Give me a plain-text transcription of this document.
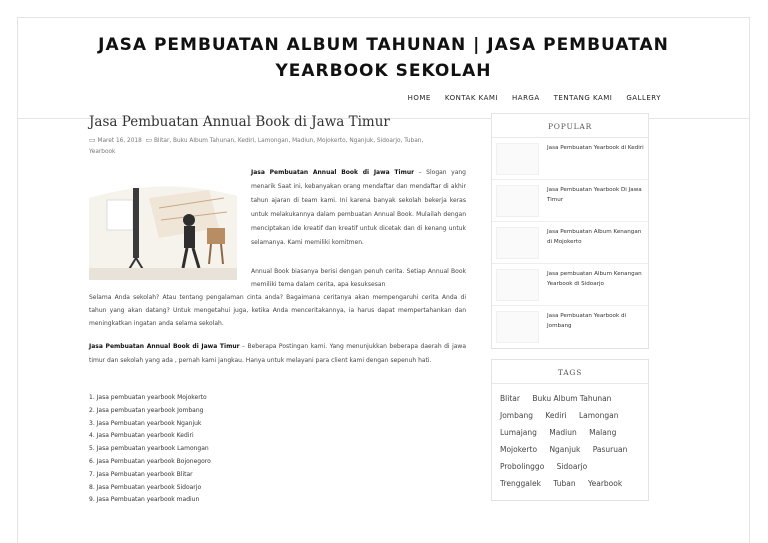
JASA PEMBUATAN ALBUM TAHUNAN | JASA PEMBUATAN
YEARBOOK SEKOLAH
HOME KONTAK KAMI HARGA TENTANG KAMI GALLERY
Jasa Pembuatan Annual Book di Jawa Timur
▭ Maret 16, 2018 ▭ Blitar, Buku Album Tahunan, Kediri, Lamongan, Madiun, Mojokerto, Nganjuk, Sidoarjo, Tuban,
Yearbook
Jasa Pembuatan Annual Book di Jawa Timur – Slogan yang menarik Saat ini, kebanyakan orang mendaftar dan mendaftar di akhir tahun ajaran di team kami. Ini karena banyak sekolah bekerja keras untuk melakukannya dalam pembuatan Annual Book. Mulailah dengan menciptakan ide kreatif dan kreatif untuk dicetak dan di kenang untuk selamanya. Kami memiliki komitmen.
Annual Book biasanya berisi dengan penuh cerita. Setiap Annual Book memiliki tema dalam cerita, apa kesuksesan
Selama Anda sekolah? Atau tentang pengalaman cinta anda? Bagaimana ceritanya akan mempengaruhi cerita Anda di tahun yang akan datang? Untuk mengetahui juga, ketika Anda menceritakannya, ia harus dapat mempertahankan dan meningkatkan ingatan anda selama sekolah.
Jasa Pembuatan Annual Book di Jawa Timur – Beberapa Postingan kami. Yang menunjukkan beberapa daerah di jawa timur dan sekolah yang ada , pernah kami jangkau. Hanya untuk melayani para client kami dengan sepenuh hati.
1. Jasa pembuatan yearbook Mojokerto
2. Jasa pembuatan yearbook Jombang
3. Jasa Pembuatan yearbook Nganjuk
4. Jasa Pembuatan yearbook Kediri
5. Jasa pembuatan yearbook Lamongan
6. Jasa Pembuatan yearbook Bojonegoro
7. Jasa Pembuatan yearbook Blitar
8. Jasa Pembuatan yearbook Sidoarjo
9. Jasa Pembuatan yearbook madiun
POPULAR
Jasa Pembuatan Yearbook di Kediri
Jasa Pembuatan Yearbook Di Jawa Timur
Jasa Pembuatan Album Kenangan di Mojokerto
Jasa pembuatan Album Kenangan Yearbook di Sidoarjo
Jasa Pembuatan Yearbook di Jombang
TAGS
Blitar Buku Album Tahunan Jombang Kediri Lamongan Lumajang Madiun Malang Mojokerto Nganjuk Pasuruan Probolinggo Sidoarjo Trenggalek Tuban Yearbook
